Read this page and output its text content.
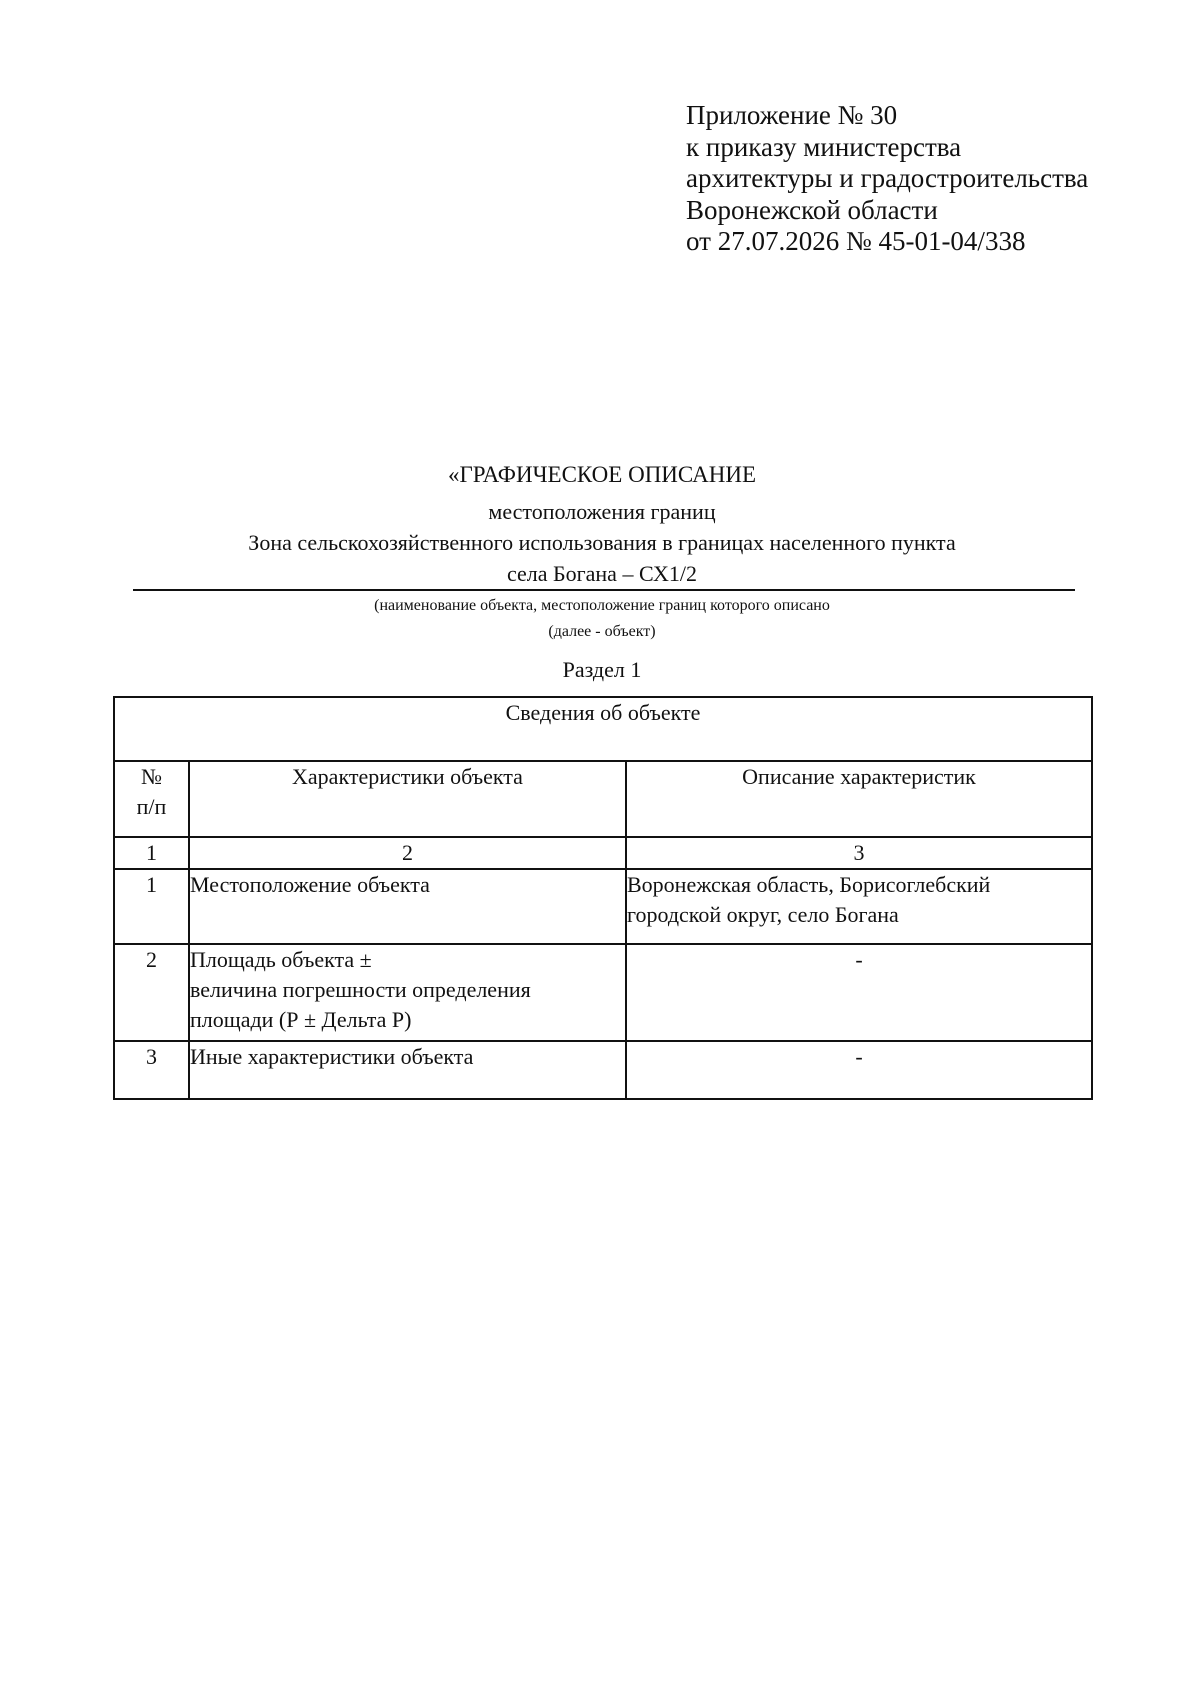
Приложение № 30
к приказу министерства
архитектуры и градостроительства
Воронежской области
от 27.07.2026 № 45-01-04/338
«ГРАФИЧЕСКОЕ ОПИСАНИЕ
местоположения границ
Зона сельскохозяйственного использования в границах населенного пункта
села Богана – СХ1/2
(наименование объекта, местоположение границ которого описано
(далее - объект)
Раздел 1
Сведения об объекте		

№
п/п	Характеристики объекта	Описание характеристик
1	2	3
1	Местоположение объекта	Воронежская область, Борисоглебский
городской округ, село Богана

2	Площадь объекта ±
величина погрешности определения
площади (Р ± Дельта Р)	-

3	Иные характеристики объекта	-
